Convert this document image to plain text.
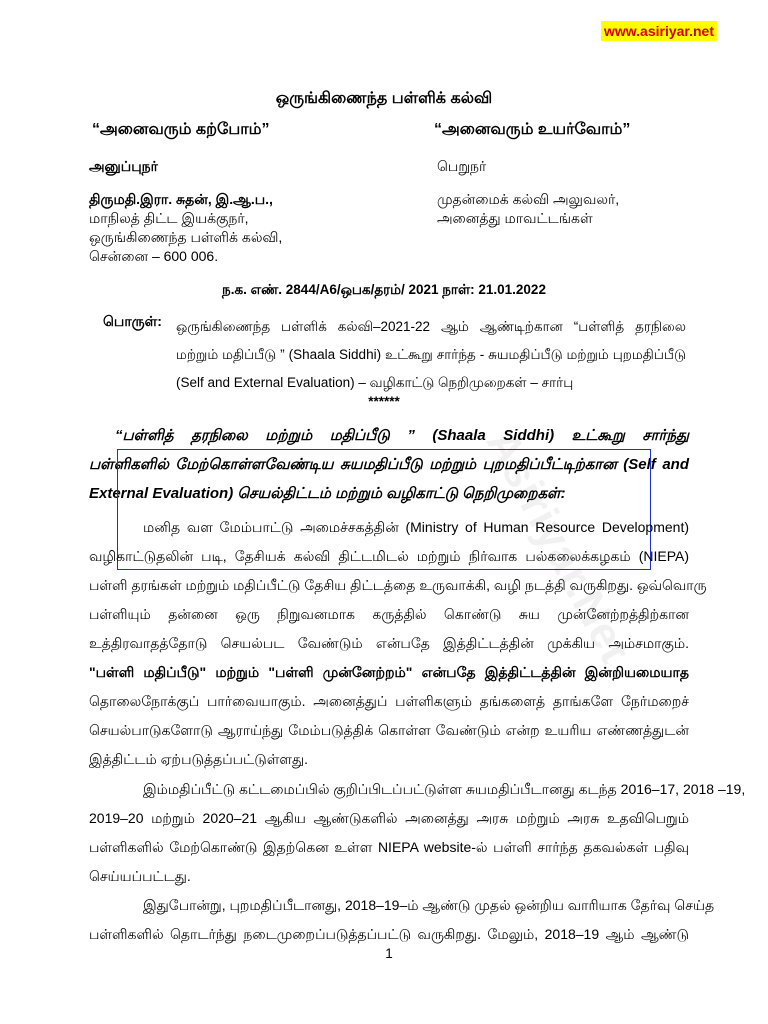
www.asiriyar.net
Asiriyar.Net
ஒருங்கிணைந்த பள்ளிக் கல்வி
“அனைவரும் கற்போம்”	“அனைவரும் உயர்வோம்”
அனுப்புநர்
திருமதி.இரா. சுதன், இ.ஆ.ப.,
மாநிலத் திட்ட இயக்குநர்,
ஒருங்கிணைந்த பள்ளிக் கல்வி,
சென்னை – 600 006.
பெறுநர்
முதன்மைக் கல்வி அலுவலர்,
அனைத்து மாவட்டங்கள்
ந.க. எண். 2844/A6/ஒபக/தரம்/ 2021 நாள்: 21.01.2022
பொருள்: ஒருங்கிணைந்த பள்ளிக் கல்வி–2021-22 ஆம் ஆண்டிற்கான “பள்ளித் தரநிலை
மற்றும் மதிப்பீடு ” (Shaala Siddhi) உட்கூறு சார்ந்த - சுயமதிப்பீடு மற்றும் புறமதிப்பீடு
(Self and External Evaluation) – வழிகாட்டு நெறிமுறைகள் – சார்பு
******
“பள்ளித் தரநிலை மற்றும் மதிப்பீடு ” (Shaala Siddhi) உட்கூறு சார்ந்து
பள்ளிகளில் மேற்கொள்ளவேண்டிய சுயமதிப்பீடு மற்றும் புறமதிப்பீட்டிற்கான (Self and
External Evaluation) செயல்திட்டம் மற்றும் வழிகாட்டு நெறிமுறைகள்:
மனித வள மேம்பாட்டு அமைச்சகத்தின் (Ministry of Human Resource Development)
வழிகாட்டுதலின் படி, தேசியக் கல்வி திட்டமிடல் மற்றும் நிர்வாக பல்கலைக்கழகம் (NIEPA)
பள்ளி தரங்கள் மற்றும் மதிப்பீட்டு தேசிய திட்டத்தை உருவாக்கி, வழி நடத்தி வருகிறது. ஒவ்வொரு
பள்ளியும் தன்னை ஒரு நிறுவனமாக கருத்தில் கொண்டு சுய முன்னேற்றத்திற்கான
உத்திரவாதத்தோடு செயல்பட வேண்டும் என்பதே இத்திட்டத்தின் முக்கிய அம்சமாகும்.
"பள்ளி மதிப்பீடு" மற்றும் "பள்ளி முன்னேற்றம்" என்பதே இத்திட்டத்தின் இன்றியமையாத
தொலைநோக்குப் பார்வையாகும். அனைத்துப் பள்ளிகளும் தங்களைத் தாங்களே நேர்மறைச்
செயல்பாடுகளோடு ஆராய்ந்து மேம்படுத்திக் கொள்ள வேண்டும் என்ற உயரிய எண்ணத்துடன்
இத்திட்டம் ஏற்படுத்தப்பட்டுள்ளது.
இம்மதிப்பீட்டு கட்டமைப்பில் குறிப்பிடப்பட்டுள்ள சுயமதிப்பீடானது கடந்த 2016–17, 2018 –19,
2019–20 மற்றும் 2020–21 ஆகிய ஆண்டுகளில் அனைத்து அரசு மற்றும் அரசு உதவிபெறும்
பள்ளிகளில் மேற்கொண்டு இதற்கென உள்ள NIEPA website-ல் பள்ளி சார்ந்த தகவல்கள் பதிவு
செய்யப்பட்டது.
இதுபோன்று, புறமதிப்பீடானது, 2018–19–ம் ஆண்டு முதல் ஒன்றிய வாரியாக தேர்வு செய்த
பள்ளிகளில் தொடர்ந்து நடைமுறைப்படுத்தப்பட்டு வருகிறது. மேலும், 2018–19 ஆம் ஆண்டு
1
